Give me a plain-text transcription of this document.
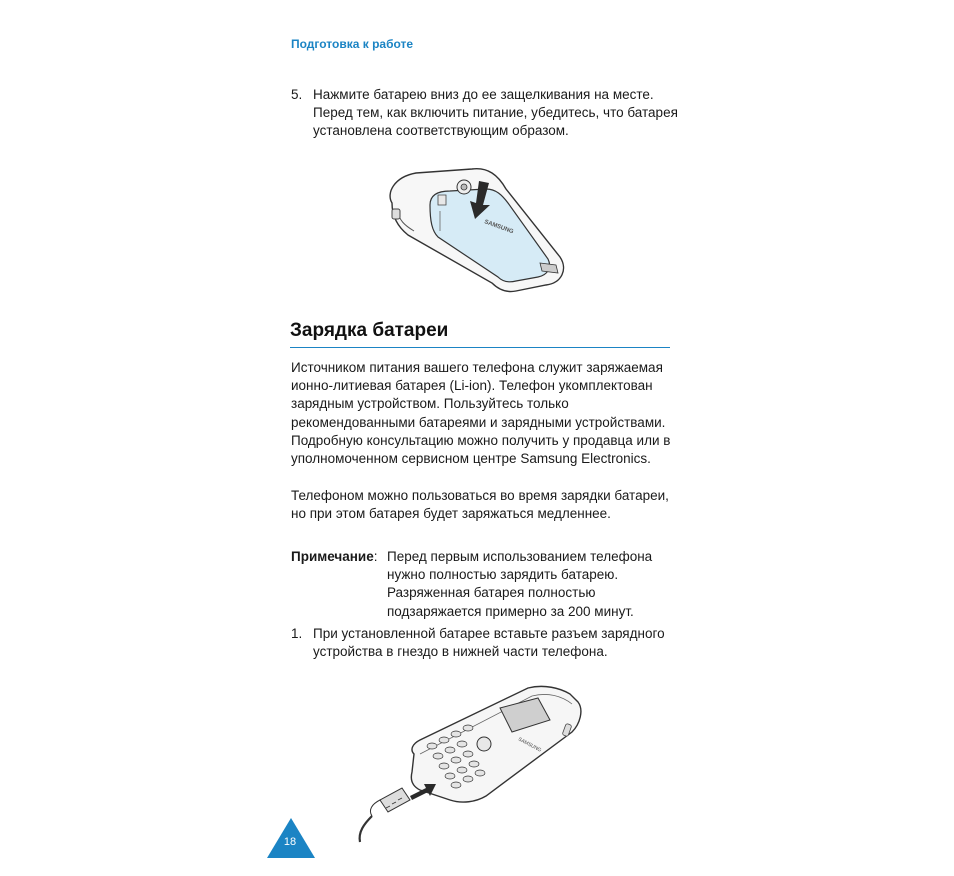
Подготовка к работе
5. Нажмите батарею вниз до ее защелкивания на месте. Перед тем, как включить питание, убедитесь, что батарея установлена соответствующим образом.
SAMSUNG
Зарядка батареи

Источником питания вашего телефона служит заряжаемая ионно-литиевая батарея (Li-ion). Телефон укомплектован зарядным устройством. Пользуйтесь только рекомендованными батареями и зарядными устройствами. Подробную консультацию можно получить у продавца или в уполномоченном сервисном центре Samsung Electronics.

Телефоном можно пользоваться во время зарядки батареи, но при этом батарея будет заряжаться медленнее.

Примечание: Перед первым использованием телефона нужно полностью зарядить батарею. Разряженная батарея полностью подзаряжается примерно за 200 минут.
1. При установленной батарее вставьте разъем зарядного устройства в гнездо в нижней части телефона.
SAMSUNG
18
